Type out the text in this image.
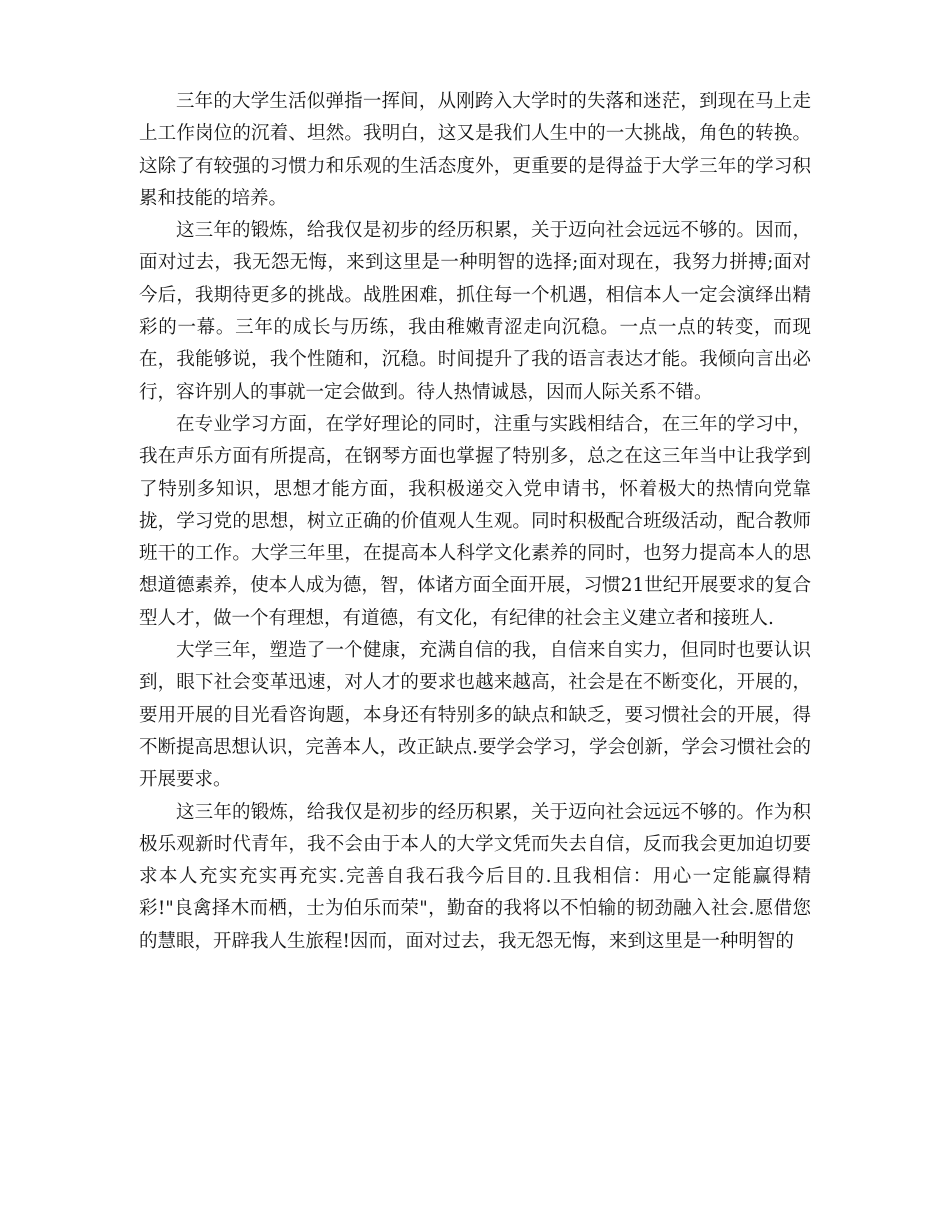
三年的大学生活似弹指一挥间，从刚跨入大学时的失落和迷茫，到现在马上走上工作岗位的沉着、坦然。我明白，这又是我们人生中的一大挑战，角色的转换。这除了有较强的习惯力和乐观的生活态度外，更重要的是得益于大学三年的学习积累和技能的培养。

这三年的锻炼，给我仅是初步的经历积累，关于迈向社会远远不够的。因而，面对过去，我无怨无悔，来到这里是一种明智的选择;面对现在，我努力拼搏;面对今后，我期待更多的挑战。战胜困难，抓住每一个机遇，相信本人一定会演绎出精彩的一幕。三年的成长与历练，我由稚嫩青涩走向沉稳。一点一点的转变，而现在，我能够说，我个性随和，沉稳。时间提升了我的语言表达才能。我倾向言出必行，容许别人的事就一定会做到。待人热情诚恳，因而人际关系不错。

在专业学习方面，在学好理论的同时，注重与实践相结合，在三年的学习中，我在声乐方面有所提高，在钢琴方面也掌握了特别多，总之在这三年当中让我学到了特别多知识，思想才能方面，我积极递交入党申请书，怀着极大的热情向党靠拢，学习党的思想，树立正确的价值观人生观。同时积极配合班级活动，配合教师班干的工作。大学三年里，在提高本人科学文化素养的同时，也努力提高本人的思想道德素养，使本人成为德，智，体诸方面全面开展，习惯21世纪开展要求的复合型人才，做一个有理想，有道德，有文化，有纪律的社会主义建立者和接班人.

大学三年，塑造了一个健康，充满自信的我，自信来自实力，但同时也要认识到，眼下社会变革迅速，对人才的要求也越来越高，社会是在不断变化，开展的，要用开展的目光看咨询题，本身还有特别多的缺点和缺乏，要习惯社会的开展，得不断提高思想认识，完善本人，改正缺点.要学会学习，学会创新，学会习惯社会的开展要求。

这三年的锻炼，给我仅是初步的经历积累，关于迈向社会远远不够的。作为积极乐观新时代青年，我不会由于本人的大学文凭而失去自信，反而我会更加迫切要求本人充实充实再充实.完善自我石我今后目的.且我相信：用心一定能赢得精彩!"良禽择木而栖，士为伯乐而荣"，勤奋的我将以不怕输的韧劲融入社会.愿借您的慧眼，开辟我人生旅程!因而，面对过去，我无怨无悔，来到这里是一种明智的
